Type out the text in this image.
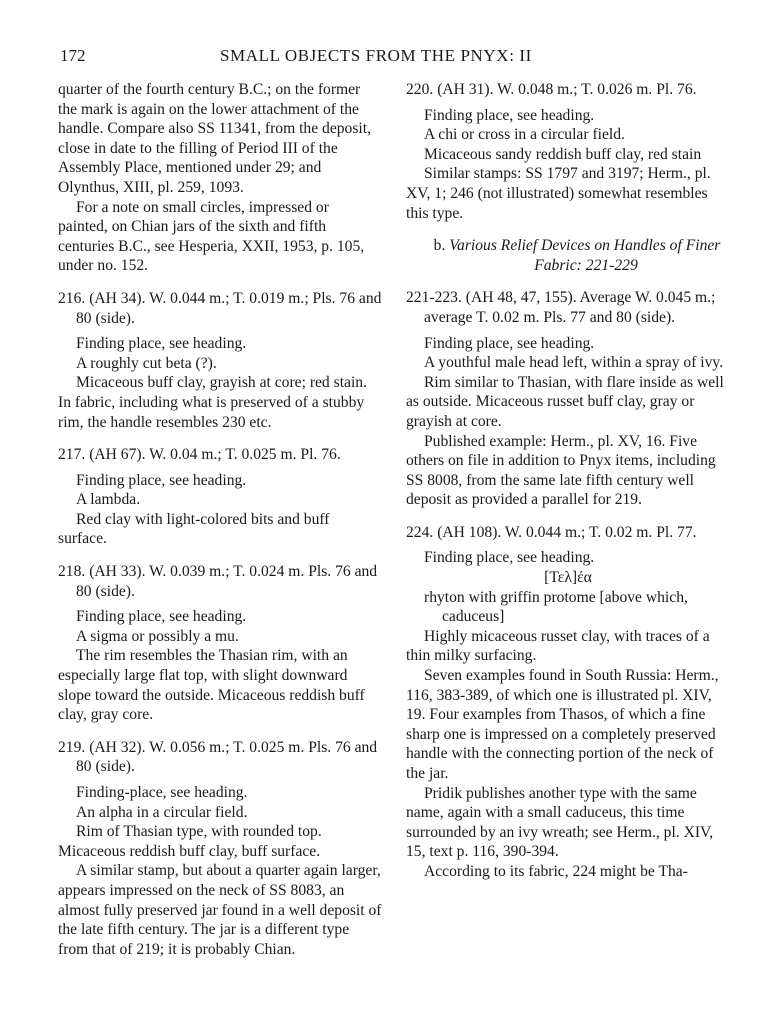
172	SMALL OBJECTS FROM THE PNYX: II

quarter of the fourth century B.C.; on the former the mark is again on the lower attachment of the handle. Compare also SS 11341, from the deposit, close in date to the filling of Period III of the Assembly Place, mentioned under 29; and Olynthus, XIII, pl. 259, 1093.

For a note on small circles, impressed or painted, on Chian jars of the sixth and fifth centuries B.C., see Hesperia, XXII, 1953, p. 105, under no. 152.

216. (AH 34). W. 0.044 m.; T. 0.019 m.; Pls. 76 and 80 (side).

Finding place, see heading.

A roughly cut beta (?).

Micaceous buff clay, grayish at core; red stain. In fabric, including what is preserved of a stubby rim, the handle resembles 230 etc.

217. (AH 67). W. 0.04 m.; T. 0.025 m. Pl. 76.

Finding place, see heading.

A lambda.

Red clay with light-colored bits and buff surface.

218. (AH 33). W. 0.039 m.; T. 0.024 m. Pls. 76 and 80 (side).

Finding place, see heading.

A sigma or possibly a mu.

The rim resembles the Thasian rim, with an especially large flat top, with slight downward slope toward the outside. Micaceous reddish buff clay, gray core.

219. (AH 32). W. 0.056 m.; T. 0.025 m. Pls. 76 and 80 (side).

Finding-place, see heading.

An alpha in a circular field.

Rim of Thasian type, with rounded top. Micaceous reddish buff clay, buff surface.

A similar stamp, but about a quarter again larger, appears impressed on the neck of SS 8083, an almost fully preserved jar found in a well deposit of the late fifth century. The jar is a different type from that of 219; it is probably Chian.

220. (AH 31). W. 0.048 m.; T. 0.026 m. Pl. 76.

Finding place, see heading.

A chi or cross in a circular field.

Micaceous sandy reddish buff clay, red stain

Similar stamps: SS 1797 and 3197; Herm., pl. XV, 1; 246 (not illustrated) somewhat resembles this type.

b. Various Relief Devices on Handles of Finer Fabric: 221-229

221-223. (AH 48, 47, 155). Average W. 0.045 m.; average T. 0.02 m. Pls. 77 and 80 (side).

Finding place, see heading.

A youthful male head left, within a spray of ivy.

Rim similar to Thasian, with flare inside as well as outside. Micaceous russet buff clay, gray or grayish at core.

Published example: Herm., pl. XV, 16. Five others on file in addition to Pnyx items, including SS 8008, from the same late fifth century well deposit as provided a parallel for 219.

224. (AH 108). W. 0.044 m.; T. 0.02 m. Pl. 77.

Finding place, see heading.

[Τελ]έα

rhyton with griffin protome [above which, caduceus]

Highly micaceous russet clay, with traces of a thin milky surfacing.

Seven examples found in South Russia: Herm., 116, 383-389, of which one is illustrated pl. XIV, 19. Four examples from Thasos, of which a fine sharp one is impressed on a completely preserved handle with the connecting portion of the neck of the jar.

Pridik publishes another type with the same name, again with a small caduceus, this time surrounded by an ivy wreath; see Herm., pl. XIV, 15, text p. 116, 390-394.

According to its fabric, 224 might be Tha-
